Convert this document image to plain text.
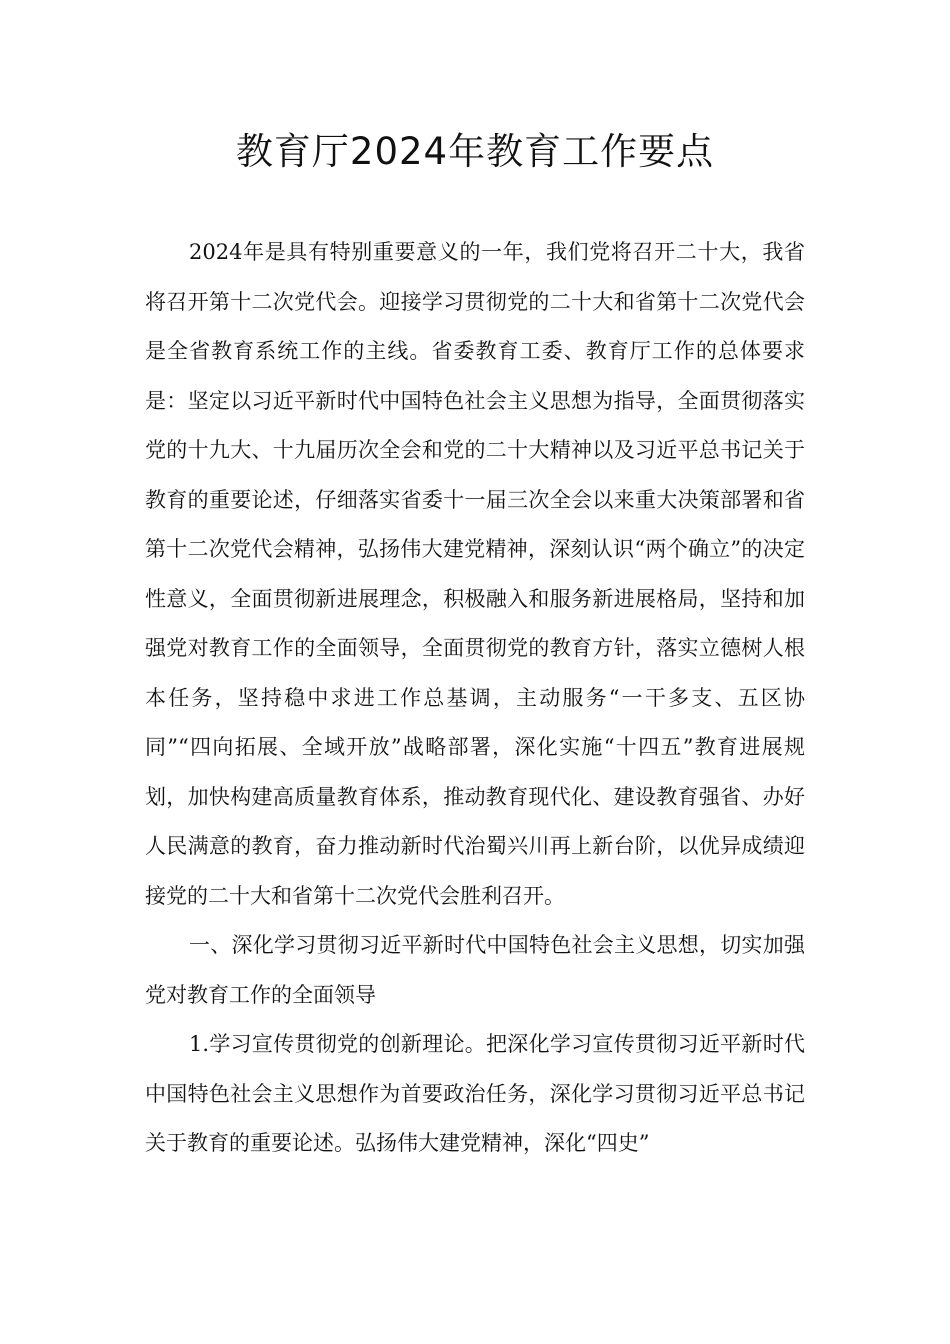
教育厅2024年教育工作要点

2024年是具有特别重要意义的一年，我们党将召开二十大，我省将召开第十二次党代会。迎接学习贯彻党的二十大和省第十二次党代会是全省教育系统工作的主线。省委教育工委、教育厅工作的总体要求是：坚定以习近平新时代中国特色社会主义思想为指导，全面贯彻落实党的十九大、十九届历次全会和党的二十大精神以及习近平总书记关于教育的重要论述，仔细落实省委十一届三次全会以来重大决策部署和省第十二次党代会精神，弘扬伟大建党精神，深刻认识“两个确立”的决定性意义，全面贯彻新进展理念，积极融入和服务新进展格局，坚持和加强党对教育工作的全面领导，全面贯彻党的教育方针，落实立德树人根本任务，坚持稳中求进工作总基调，主动服务“一干多支、五区协同”“四向拓展、全域开放”战略部署，深化实施“十四五”教育进展规划，加快构建高质量教育体系，推动教育现代化、建设教育强省、办好人民满意的教育，奋力推动新时代治蜀兴川再上新台阶，以优异成绩迎接党的二十大和省第十二次党代会胜利召开。

一、深化学习贯彻习近平新时代中国特色社会主义思想，切实加强党对教育工作的全面领导

1.学习宣传贯彻党的创新理论。把深化学习宣传贯彻习近平新时代中国特色社会主义思想作为首要政治任务，深化学习贯彻习近平总书记关于教育的重要论述。弘扬伟大建党精神，深化“四史”
